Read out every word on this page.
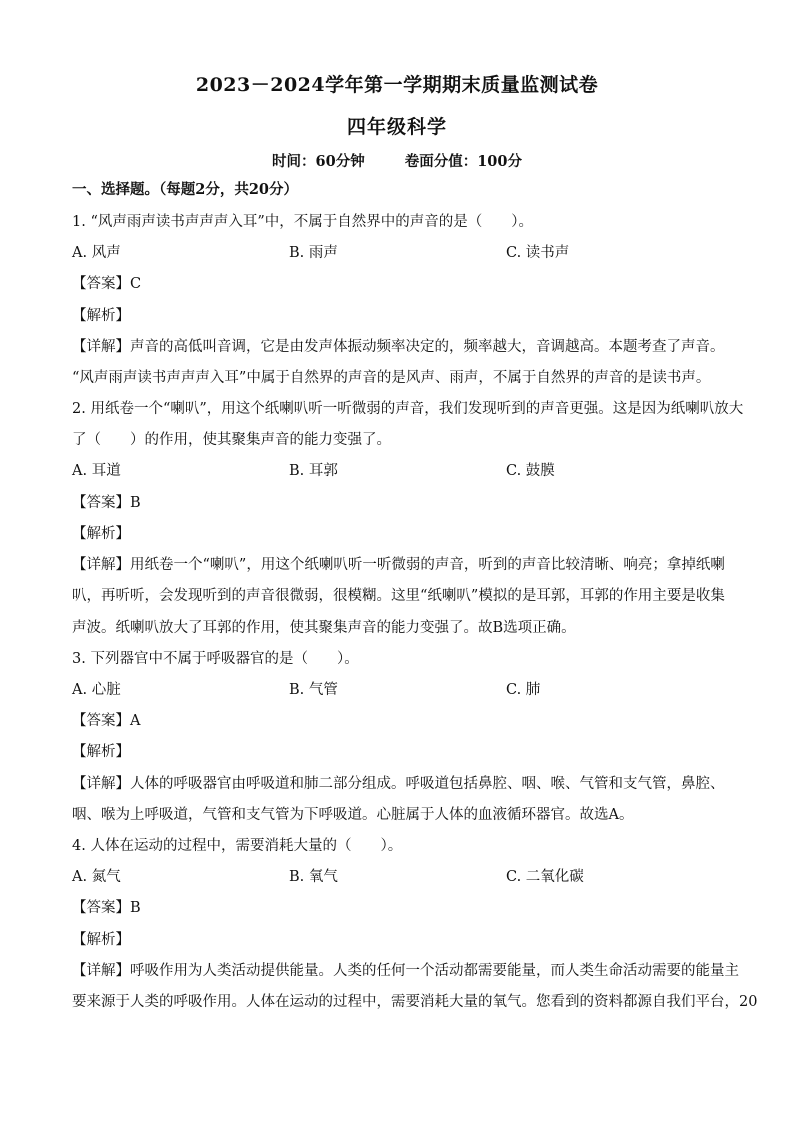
2023－2024学年第一学期期末质量监测试卷
四年级科学
时间：60分钟	卷面分值：100分
一、选择题。（每题2分，共20分）
1. “风声雨声读书声声声入耳”中，不属于自然界中的声音的是（　　）。
A. 风声	B. 雨声	C. 读书声
【答案】C
【解析】
【详解】声音的高低叫音调，它是由发声体振动频率决定的，频率越大，音调越高。本题考查了声音。
“风声雨声读书声声声入耳”中属于自然界的声音的是风声、雨声，不属于自然界的声音的是读书声。
2. 用纸卷一个“喇叭”，用这个纸喇叭听一听微弱的声音，我们发现听到的声音更强。这是因为纸喇叭放大
了（　　）的作用，使其聚集声音的能力变强了。
A. 耳道	B. 耳郭	C. 鼓膜
【答案】B
【解析】
【详解】用纸卷一个“喇叭”，用这个纸喇叭听一听微弱的声音，听到的声音比较清晰、响亮；拿掉纸喇
叭，再听听，会发现听到的声音很微弱，很模糊。这里“纸喇叭”模拟的是耳郭，耳郭的作用主要是收集
声波。纸喇叭放大了耳郭的作用，使其聚集声音的能力变强了。故B选项正确。
3. 下列器官中不属于呼吸器官的是（　　）。
A. 心脏	B. 气管	C. 肺
【答案】A
【解析】
【详解】人体的呼吸器官由呼吸道和肺二部分组成。呼吸道包括鼻腔、咽、喉、气管和支气管，鼻腔、
咽、喉为上呼吸道，气管和支气管为下呼吸道。心脏属于人体的血液循环器官。故选A。
4. 人体在运动的过程中，需要消耗大量的（　　）。
A. 氮气	B. 氧气	C. 二氧化碳
【答案】B
【解析】
【详解】呼吸作用为人类活动提供能量。人类的任何一个活动都需要能量，而人类生命活动需要的能量主
要来源于人类的呼吸作用。人体在运动的过程中，需要消耗大量的氧气。您看到的资料都源自我们平台，20
